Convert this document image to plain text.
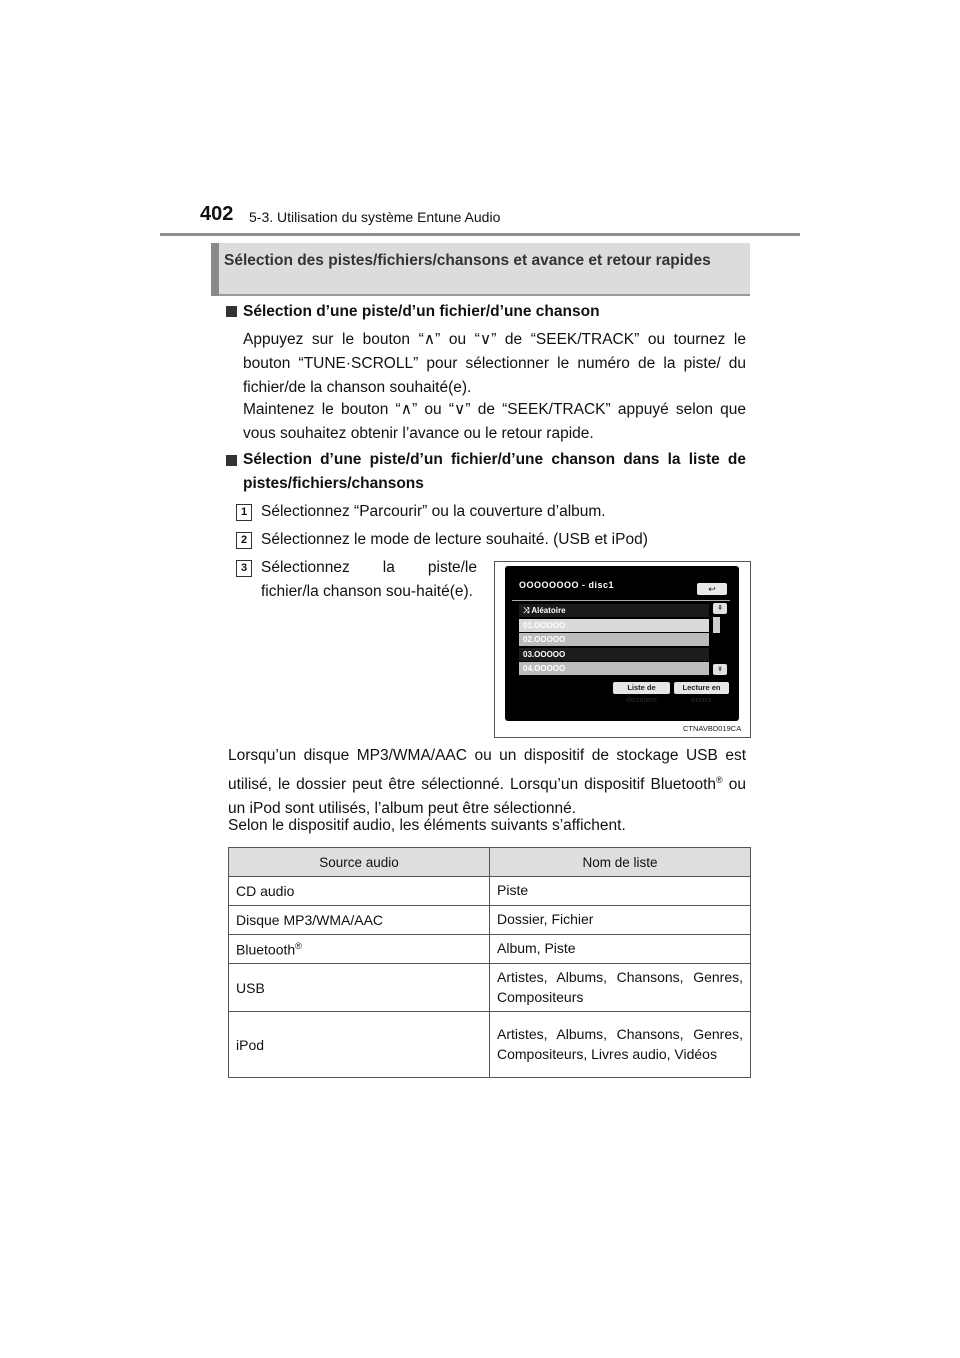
402 5-3. Utilisation du système Entune Audio
Sélection des pistes/fichiers/chansons et avance et retour rapides
Sélection d’une piste/d’un fichier/d’une chanson
Appuyez sur le bouton “∧” ou “∨” de “SEEK/TRACK” ou tournez le bouton “TUNE·SCROLL” pour sélectionner le numéro de la piste/ du fichier/de la chanson souhaité(e).
Maintenez le bouton “∧” ou “∨” de “SEEK/TRACK” appuyé selon que vous souhaitez obtenir l’avance ou le retour rapide.
Sélection d’une piste/d’un fichier/d’une chanson dans la liste de pistes/fichiers/chansons
1 Sélectionnez “Parcourir” ou la couverture d’album.
2 Sélectionnez le mode de lecture souhaité. (USB et iPod)
3 Sélectionnez la piste/le fichier/la chanson sou-haité(e).	OOOOOOOO - disc1	↩
⤨ Aléatoire
01.OOOOO
02.OOOOO
03.OOOOO
04.OOOOO
⇞
⇟
Liste de dossiers
Lecture en cours
CTNAVBD019CA
Lorsqu’un disque MP3/WMA/AAC ou un dispositif de stockage USB est utilisé, le dossier peut être sélectionné. Lorsqu’un dispositif Bluetooth® ou un iPod sont utilisés, l’album peut être sélectionné.
Selon le dispositif audio, les éléments suivants s’affichent.
Source audio	Nom de liste
CD audio	Piste
Disque MP3/WMA/AAC	Dossier, Fichier
Bluetooth®	Album, Piste
USB	Artistes, Albums, Chansons, Genres, Compositeurs
iPod	Artistes, Albums, Chansons, Genres, Compositeurs, Livres audio, Vidéos
